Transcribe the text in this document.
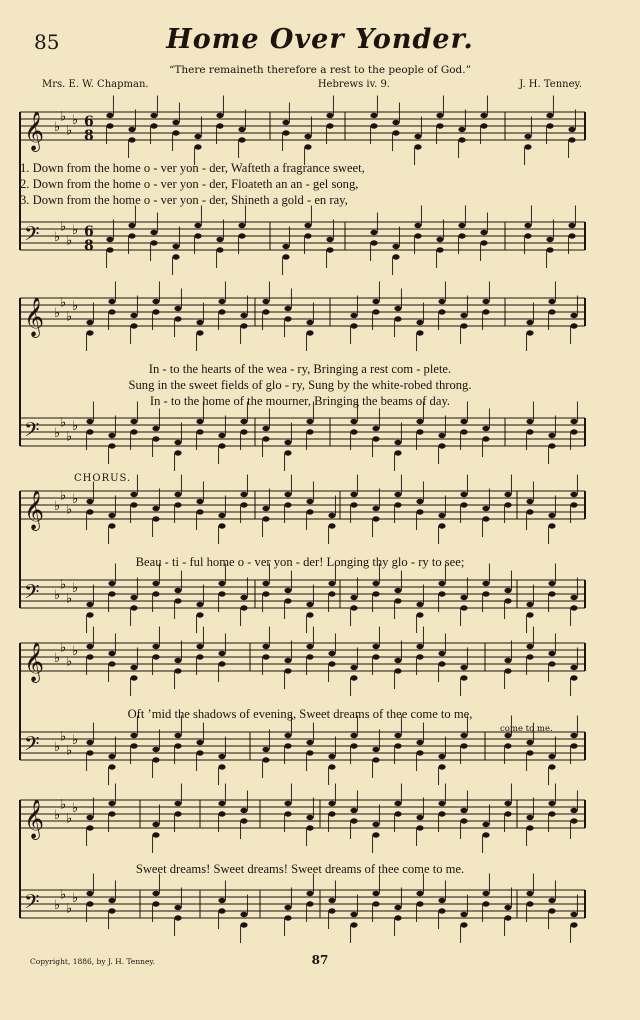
85	Home Over Yonder.
“There remaineth therefore a rest to the people of God.”
Mrs. E. W. Chapman.	Hebrews iv. 9.	J. H. Tenney.
𝄞 ♭
♭
♭
♭ 6
8
𝄢 ♭
♭
♭
♭ 6
8
𝄞 ♭
♭
♭
♭
𝄢 ♭
♭
♭
♭
𝄞 ♭
♭
♭
♭
𝄢 ♭
♭
♭
♭
𝄞 ♭
♭
♭
♭
𝄢 ♭
♭
♭
♭
𝄞 ♭
♭
♭
♭
𝄢 ♭
♭
♭
♭
1. Down from the home o - ver yon - der, Wafteth a fragrance sweet,
2. Down from the home o - ver yon - der, Floateth an an - gel song,
3. Down from the home o - ver yon - der, Shineth a gold - en ray,
In - to the hearts of the wea - ry, Bringing a rest com - plete.
Sung in the sweet fields of glo - ry, Sung by the white-robed throng.
In - to the home of the mourner, Bringing the beams of day.
CHORUS.
Beau - ti - ful home o - ver yon - der! Longing thy glo - ry to see;
Oft ’mid the shadows of evening, Sweet dreams of thee come to me,
come to me.
Sweet dreams! Sweet dreams! Sweet dreams of thee come to me.
87
Copyright, 1886, by J. H. Tenney.
